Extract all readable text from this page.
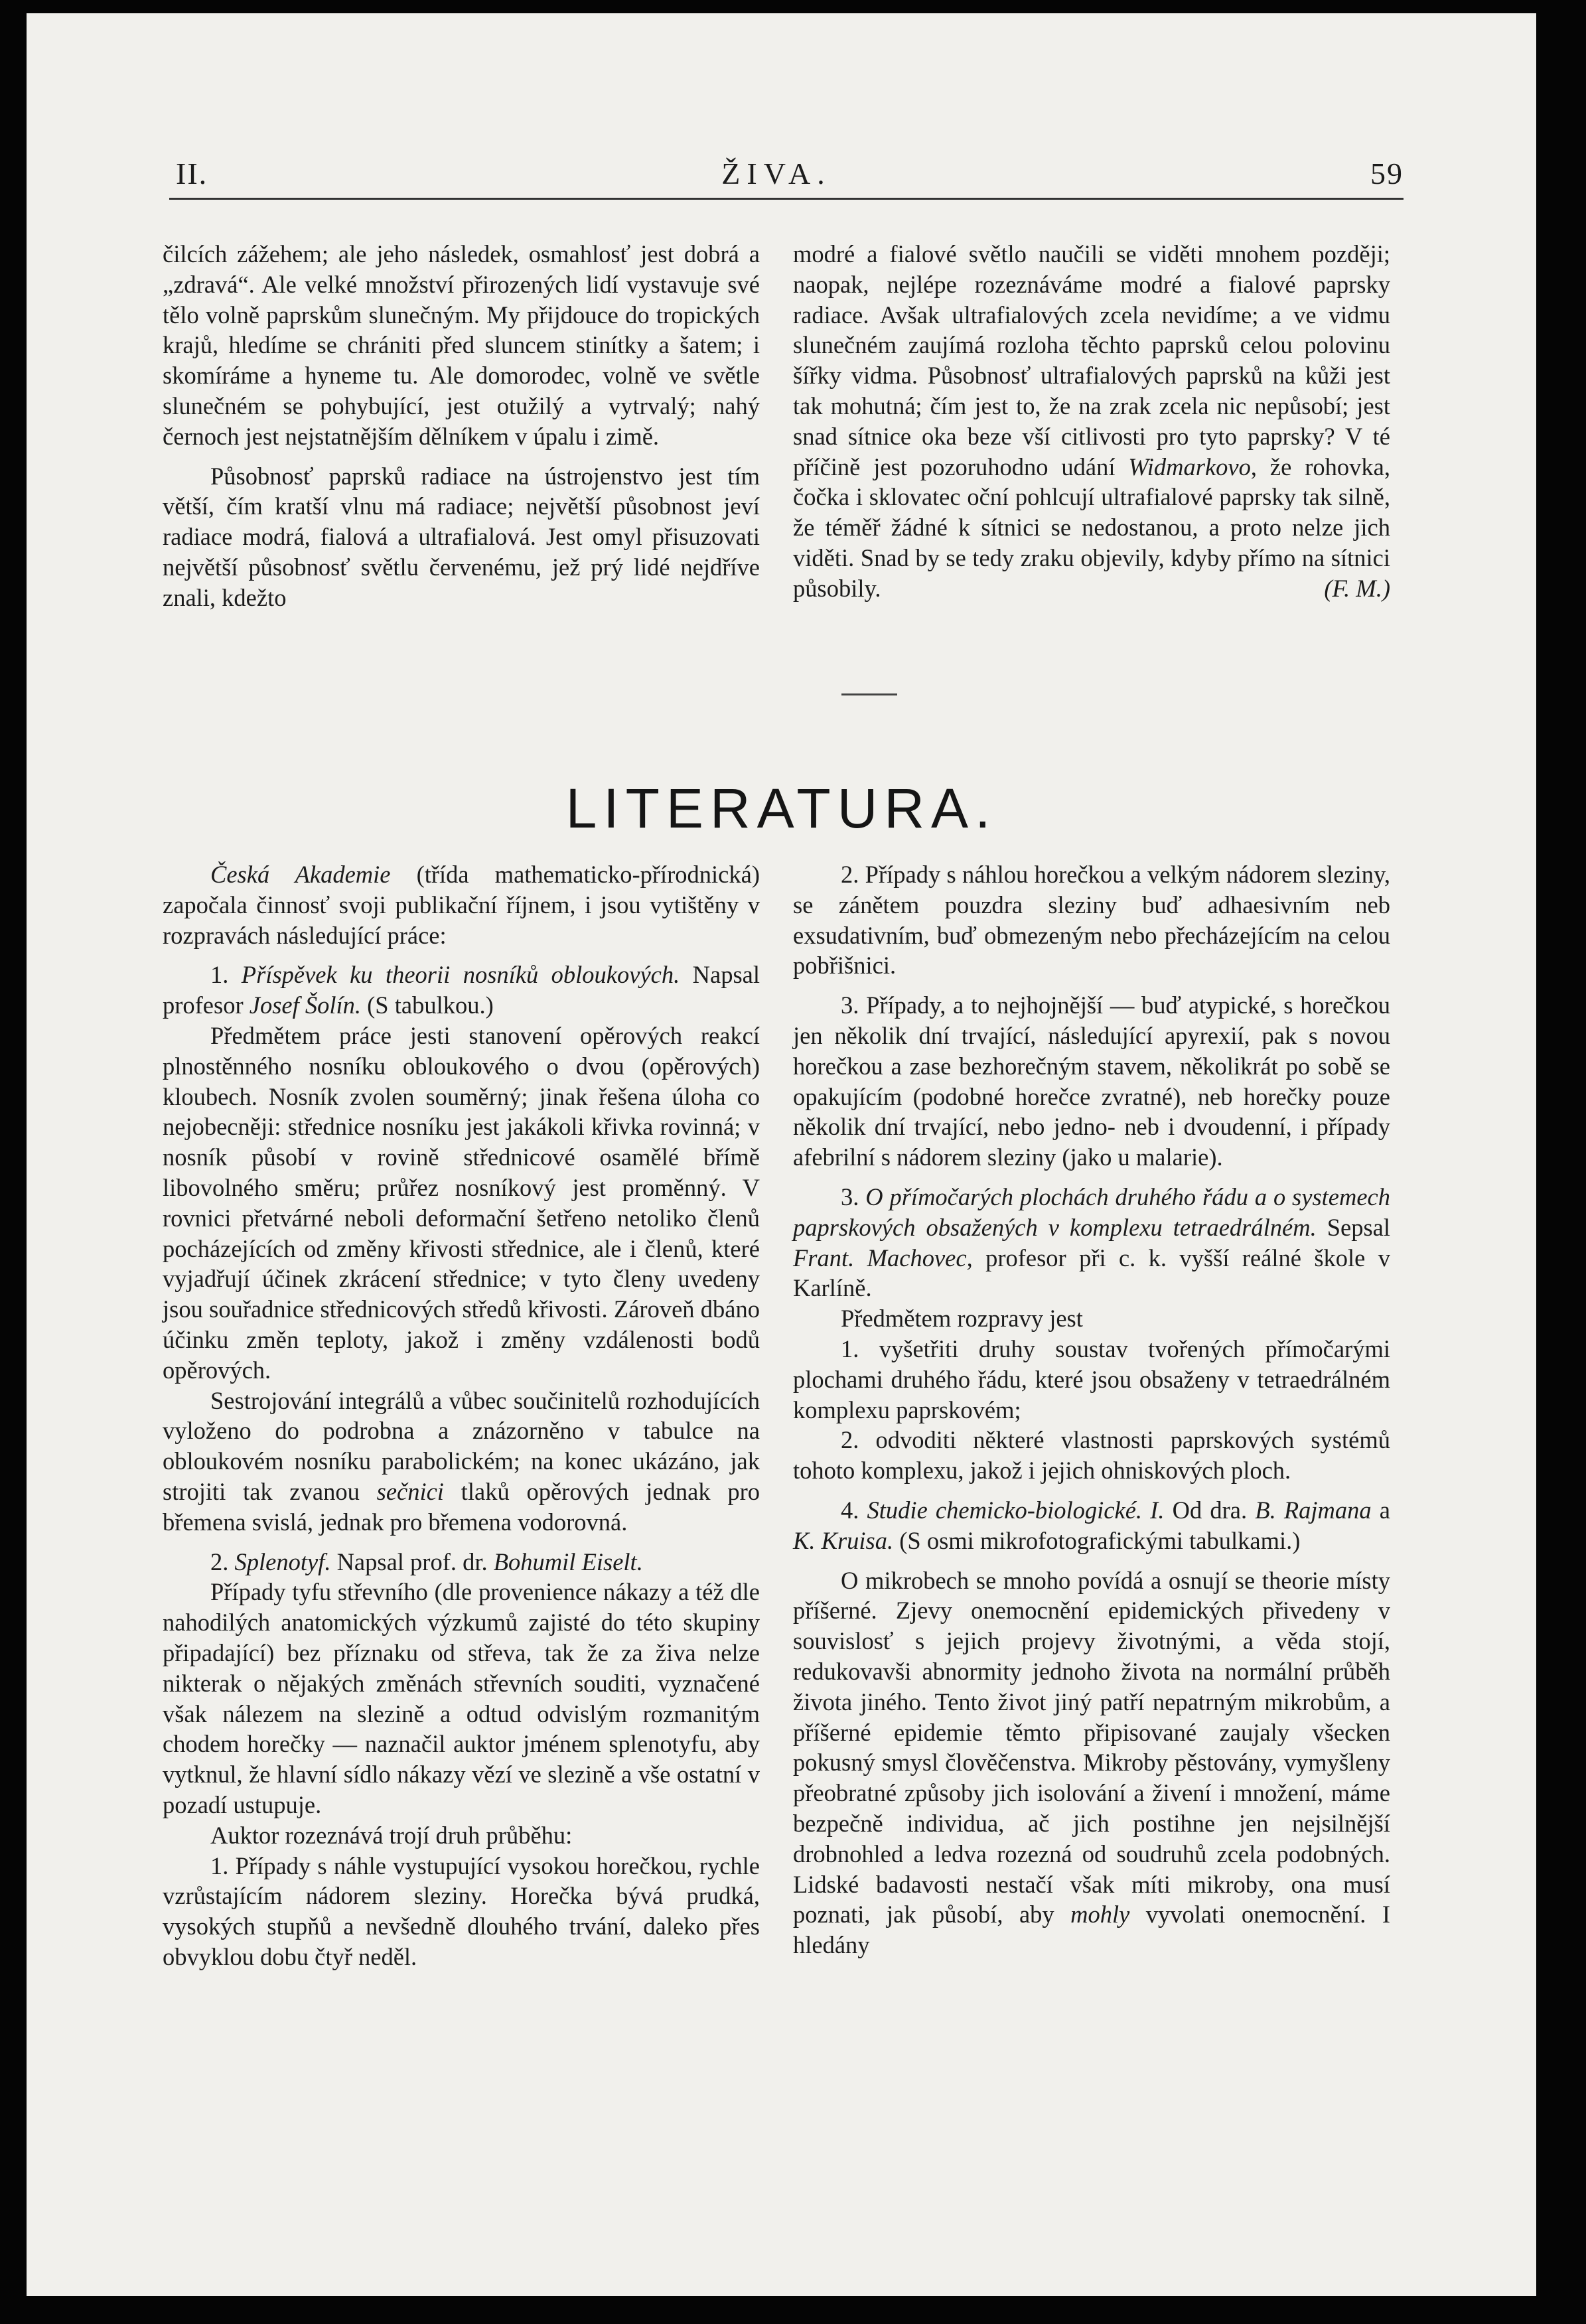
II.	ŽIVA.	59

čilcích zážehem; ale jeho následek, osmahlosť jest dobrá a „zdravá“. Ale velké množství přirozených lidí vystavuje své tělo volně paprskům slunečným. My přijdouce do tropických krajů, hledíme se chrániti před sluncem stinítky a šatem; i skomíráme a hyneme tu. Ale domorodec, volně ve světle slunečném se pohybující, jest otužilý a vytrvalý; nahý černoch jest nejstatnějším dělníkem v úpalu i zimě.

Působnosť paprsků radiace na ústrojenstvo jest tím větší, čím kratší vlnu má radiace; největší působnost jeví radiace modrá, fialová a ultrafialová. Jest omyl přisuzovati největší působnosť světlu červenému, jež prý lidé nejdříve znali, kdežto

modré a fialové světlo naučili se viděti mnohem později; naopak, nejlépe rozeznáváme modré a fialové paprsky radiace. Avšak ultrafialových zcela nevidíme; a ve vidmu slunečném zaujímá rozloha těchto paprsků celou polovinu šířky vidma. Působnosť ultrafialových paprsků na kůži jest tak mohutná; čím jest to, že na zrak zcela nic nepůsobí; jest snad sítnice oka beze vší citlivosti pro tyto paprsky? V té příčině jest pozoruhodno udání Widmarkovo, že rohovka, čočka i sklovatec oční pohlcují ultrafialové paprsky tak silně, že téměř žádné k sítnici se nedostanou, a proto nelze jich viděti. Snad by se tedy zraku objevily, kdyby přímo na sítnici působily.	(F. M.)

LITERATURA.

Česká Akademie (třída mathematicko-přírodnická) započala činnosť svoji publikační říjnem, i jsou vytištěny v rozpravách následující práce:

1. Příspěvek ku theorii nosníků obloukových. Napsal profesor Josef Šolín. (S tabulkou.)

Předmětem práce jesti stanovení opěrových reakcí plnostěnného nosníku obloukového o dvou (opěrových) kloubech. Nosník zvolen souměrný; jinak řešena úloha co nejobecněji: střednice nosníku jest jakákoli křivka rovinná; v nosník působí v rovině střednicové osamělé břímě libovolného směru; průřez nosníkový jest proměnný. V rovnici přetvárné neboli deformační šetřeno netoliko členů pocházejících od změny křivosti střednice, ale i členů, které vyjadřují účinek zkrácení střednice; v tyto členy uvedeny jsou souřadnice střednicových středů křivosti. Zároveň dbáno účinku změn teploty, jakož i změny vzdálenosti bodů opěrových.

Sestrojování integrálů a vůbec součinitelů rozhodujících vyloženo do podrobna a znázorněno v tabulce na obloukovém nosníku parabolickém; na konec ukázáno, jak strojiti tak zvanou sečnici tlaků opěrových jednak pro břemena svislá, jednak pro břemena vodorovná.

2. Splenotyf. Napsal prof. dr. Bohumil Eiselt.

Případy tyfu střevního (dle provenience nákazy a též dle nahodilých anatomických výzkumů zajisté do této skupiny připadající) bez příznaku od střeva, tak že za živa nelze nikterak o nějakých změnách střevních souditi, vyznačené však nálezem na slezině a odtud odvislým rozmanitým chodem horečky — naznačil auktor jménem splenotyfu, aby vytknul, že hlavní sídlo nákazy vězí ve slezině a vše ostatní v pozadí ustupuje.

Auktor rozeznává trojí druh průběhu:

1. Případy s náhle vystupující vysokou horečkou, rychle vzrůstajícím nádorem sleziny. Horečka bývá prudká, vysokých stupňů a nevšedně dlouhého trvání, daleko přes obvyklou dobu čtyř neděl.

2. Případy s náhlou horečkou a velkým nádorem sleziny, se zánětem pouzdra sleziny buď adhaesivním neb exsudativním, buď obmezeným nebo přecházejícím na celou pobřišnici.

3. Případy, a to nejhojnější — buď atypické, s horečkou jen několik dní trvající, následující apyrexií, pak s novou horečkou a zase bezhorečným stavem, několikrát po sobě se opakujícím (podobné horečce zvratné), neb horečky pouze několik dní trvající, nebo jedno- neb i dvoudenní, i případy afebrilní s nádorem sleziny (jako u malarie).

3. O přímočarých plochách druhého řádu a o systemech paprskových obsažených v komplexu tetraedrálném. Sepsal Frant. Machovec, profesor při c. k. vyšší reálné škole v Karlíně.

Předmětem rozpravy jest

1. vyšetřiti druhy soustav tvořených přímočarými plochami druhého řádu, které jsou obsaženy v tetraedrálném komplexu paprskovém;

2. odvoditi některé vlastnosti paprskových systémů tohoto komplexu, jakož i jejich ohniskových ploch.

4. Studie chemicko-biologické. I. Od dra. B. Rajmana a K. Kruisa. (S osmi mikrofotografickými tabulkami.)

O mikrobech se mnoho povídá a osnují se theorie místy příšerné. Zjevy onemocnění epidemických přivedeny v souvislosť s jejich projevy životnými, a věda stojí, redukovavši abnormity jednoho života na normální průběh života jiného. Tento život jiný patří nepatrným mikrobům, a příšerné epidemie těmto připisované zaujaly všecken pokusný smysl člověčenstva. Mikroby pěstovány, vymyšleny přeobratné způsoby jich isolování a živení i množení, máme bezpečně individua, ač jich postihne jen nejsilnější drobnohled a ledva rozezná od soudruhů zcela podobných. Lidské badavosti nestačí však míti mikroby, ona musí poznati, jak působí, aby mohly vyvolati onemocnění. I hledány
